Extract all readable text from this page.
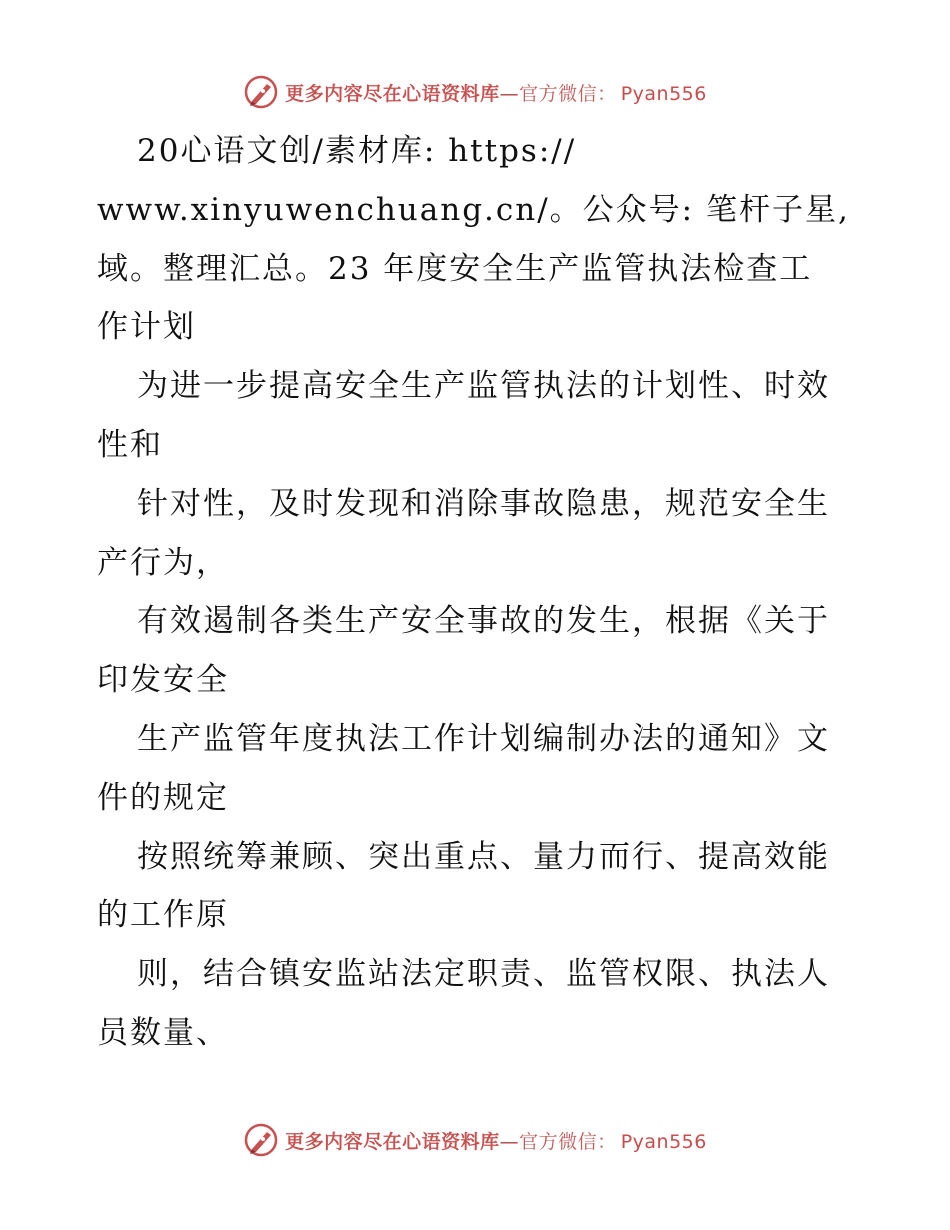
更多内容尽在心语资料库—官方微信： Pyan556
20心语文创/素材库: https://
www.xinyuwenchuang.cn/。公众号: 笔杆子星,
域。整理汇总。23 年度安全生产监管执法检查工
作计划
为进一步提高安全生产监管执法的计划性、时效
性和
针对性，及时发现和消除事故隐患，规范安全生
产行为，
有效遏制各类生产安全事故的发生，根据《关于
印发安全
生产监管年度执法工作计划编制办法的通知》文
件的规定
按照统筹兼顾、突出重点、量力而行、提高效能
的工作原
则，结合镇安监站法定职责、监管权限、执法人
员数量、
更多内容尽在心语资料库—官方微信： Pyan556
